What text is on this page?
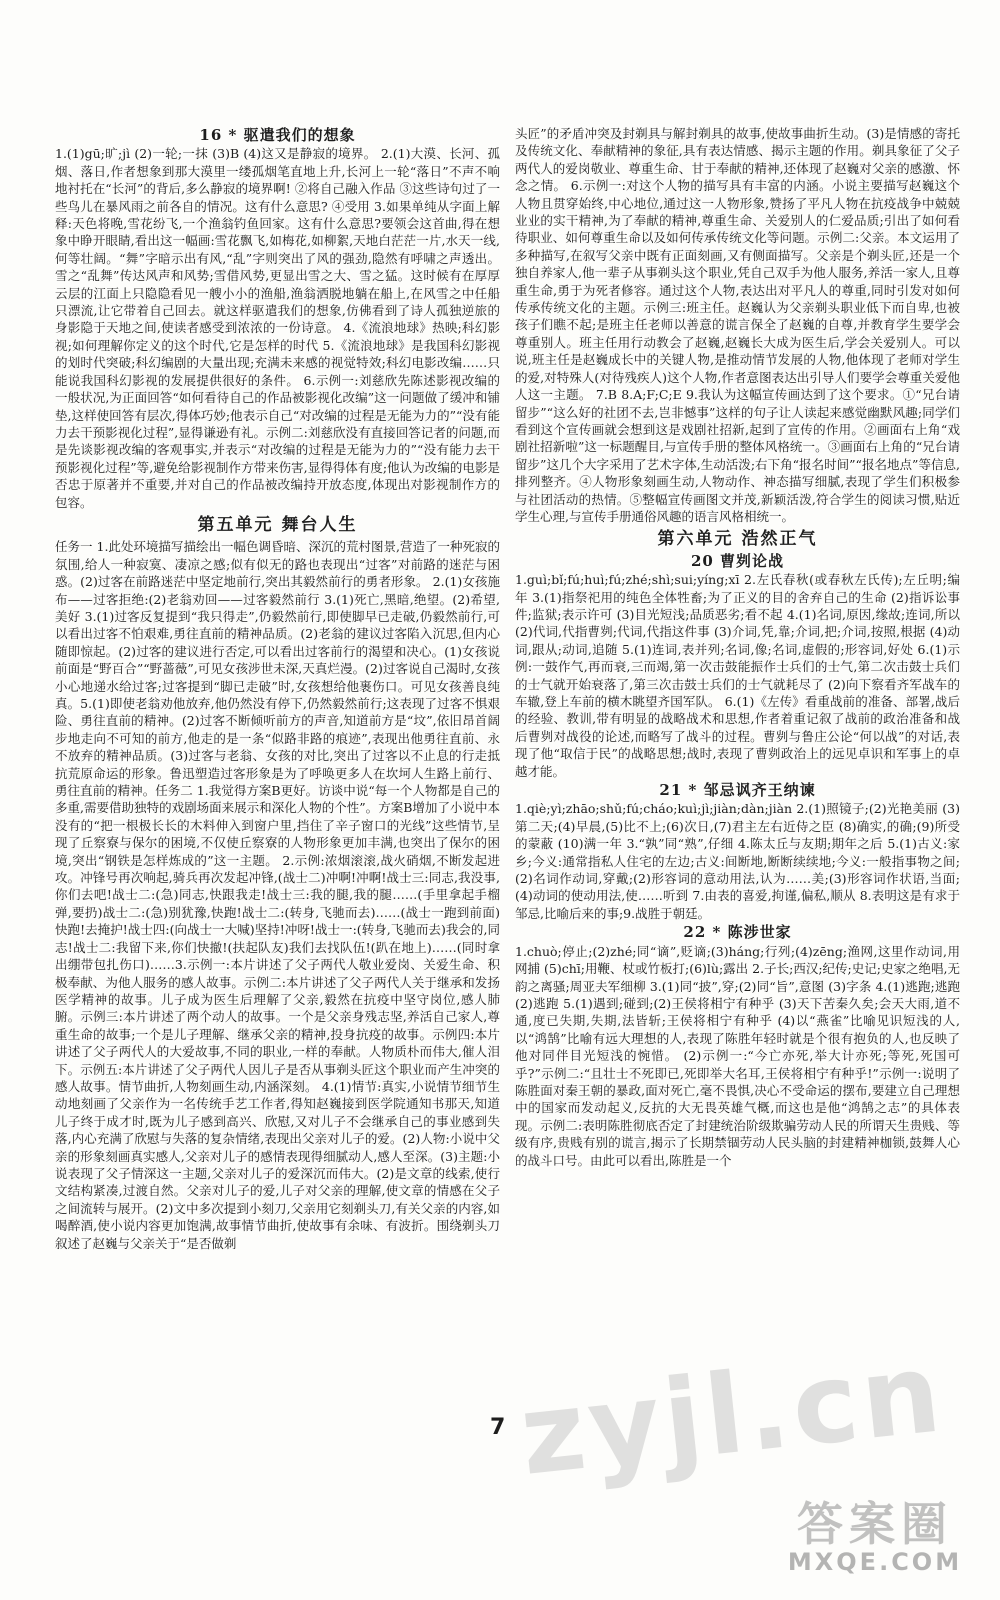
16 * 驱遣我们的想象

1.(1)gū;旷;jì (2)一轮;一抹 (3)B (4)这又是静寂的境界。 2.(1)大漠、长河、孤烟、落日,作者想象到那大漠里一缕孤烟笔直地上升,长河上一轮“落日”不声不响地衬托在“长河”的背后,多么静寂的境界啊! ②将自己融入作品 ③这些诗句过了一些鸟儿在暴风雨之前各自的情况。这有什么意思? ④受用 3.如果单纯从字面上解释:天色将晚,雪花纷飞,一个渔翁钓鱼回家。这有什么意思?要领会这首曲,得在想象中睁开眼睛,看出这一幅画:雪花飘飞,如梅花,如柳絮,天地白茫茫一片,水天一线,何等壮阔。“舞”字暗示出有风,“乱”字则突出了风的强劲,隐然有呼啸之声透出。雪之“乱舞”传达风声和风势;雪借风势,更显出雪之大、雪之猛。这时候有在厚厚云层的江面上只隐隐看见一艘小小的渔船,渔翁洒脱地躺在船上,在风雪之中任船只漂流,让它带着自己回去。就这样驱遣我们的想象,仿佛看到了诗人孤独逆旅的身影隐于天地之间,使读者感受到浓浓的一份诗意。 4.《流浪地球》热映;科幻影视;如何理解你定义的这个时代,它是怎样的时代 5.《流浪地球》是我国科幻影视的划时代突破;科幻编剧的大量出现;充满未来感的视觉特效;科幻电影改编……只能说我国科幻影视的发展提供很好的条件。 6.示例一:刘慈欣先陈述影视改编的一般状况,为正面回答“如何看待自己的作品被影视化改编”这一问题做了缓冲和铺垫,这样使回答有层次,得体巧妙;他表示自己“对改编的过程是无能为力的”“没有能力去干预影视化过程”,显得谦逊有礼。示例二:刘慈欣没有直接回答记者的问题,而是先谈影视改编的客观事实,并表示“对改编的过程是无能为力的”“没有能力去干预影视化过程”等,避免给影视制作方带来伤害,显得得体有度;他认为改编的电影是否忠于原著并不重要,并对自己的作品被改编持开放态度,体现出对影视制作方的包容。

第五单元 舞台人生

任务一 1.此处环境描写描绘出一幅色调昏暗、深沉的荒村图景,营造了一种死寂的氛围,给人一种寂寞、凄凉之感;似有似无的路也表现出“过客”对前路的迷茫与困惑。(2)过客在前路迷茫中坚定地前行,突出其毅然前行的勇者形象。 2.(1)女孩施布——过客拒绝:(2)老翁劝回——过客毅然前行 3.(1)死亡,黑暗,绝望。(2)希望,美好 3.(1)过客反复提到“我只得走”,仍毅然前行,即使脚早已走破,仍毅然前行,可以看出过客不怕艰难,勇往直前的精神品质。(2)老翁的建议过客陷入沉思,但内心随即惊起。(2)过客的建议进行否定,可以看出过客前行的渴望和决心。(1)女孩说前面是“野百合”“野蔷薇”,可见女孩涉世未深,天真烂漫。(2)过客说自己渴时,女孩小心地递水给过客;过客提到“脚已走破”时,女孩想给他裹伤口。可见女孩善良纯真。5.(1)即使老翁劝他放弃,他仍然没有停下,仍然毅然前行;这表现了过客不惧艰险、勇往直前的精神。(2)过客不断倾听前方的声音,知道前方是“坟”,依旧昂首阔步地走向不可知的前方,他走的是一条“似路非路的痕迹”,表现出他勇往直前、永不放弃的精神品质。(3)过客与老翁、女孩的对比,突出了过客以不止息的行走抵抗荒原命运的形象。鲁迅塑造过客形象是为了呼唤更多人在坎坷人生路上前行、勇往直前的精神。任务二 1.我觉得方案B更好。访谈中说“每一个人物都是自己的多重,需要借助独特的戏剧场面来展示和深化人物的个性”。方案B增加了小说中本没有的“把一根极长长的木料伸入到窗户里,挡住了辛子窗口的光线”这些情节,呈现了丘察寮与保尔的困境,不仅使丘察寮的人物形象更加丰满,也突出了保尔的困境,突出“钢铁是怎样炼成的”这一主题。 2.示例:浓烟滚滚,战火硝烟,不断发起进攻。冲锋号再次响起,骑兵再次发起冲锋,(战士二)冲啊!冲啊!战士三:同志,我没事,你们去吧!战士二:(急)同志,快跟我走!战士三:我的腿,我的腿……(手里拿起手榴弹,要扔)战士二:(急)别犹豫,快跑!战士二:(转身,飞驰而去)……(战士一跑到前面)快跑!去掩护!战士四:(向战士一大喊)坚持!冲呀!战士一:(转身,飞驰而去)我会的,同志!战士二:我留下来,你们快撤!(扶起队友)我们去找队伍!(趴在地上)……(同时拿出绷带包扎伤口)……3.示例一:本片讲述了父子两代人敬业爱岗、关爱生命、积极奉献、为他人服务的感人故事。示例二:本片讲述了父子两代人关于继承和发扬医学精神的故事。儿子成为医生后理解了父亲,毅然在抗疫中坚守岗位,感人肺腑。示例三:本片讲述了两个动人的故事。一个是父亲身残志坚,养活自己家人,尊重生命的故事;一个是儿子理解、继承父亲的精神,投身抗疫的故事。示例四:本片讲述了父子两代人的大爱故事,不同的职业,一样的奉献。人物质朴而伟大,催人泪下。示例五:本片讲述了父子两代人因儿子是否从事剃头匠这个职业而产生冲突的感人故事。情节曲折,人物刻画生动,内涵深刻。 4.(1)情节:真实,小说情节细节生动地刻画了父亲作为一名传统手艺工作者,得知赵巍接到医学院通知书那天,知道儿子终于成才时,既为儿子感到高兴、欣慰,又对儿子不会继承自己的事业感到失落,内心充满了欣慰与失落的复杂情绪,表现出父亲对儿子的爱。(2)人物:小说中父亲的形象刻画真实感人,父亲对儿子的感情表现得细腻动人,感人至深。(3)主题:小说表现了父子情深这一主题,父亲对儿子的爱深沉而伟大。(2)是文章的线索,使行文结构紧凑,过渡自然。父亲对儿子的爱,儿子对父亲的理解,使文章的情感在父子之间流转与展开。(2)文中多次提到小刻刀,父亲用它刻剃头刀,有关父亲的内容,如喝醉酒,使小说内容更加饱满,故事情节曲折,使故事有余味、有波折。围绕剃头刀叙述了赵巍与父亲关于“是否做剃

头匠”的矛盾冲突及封剃具与解封剃具的故事,使故事曲折生动。(3)是情感的寄托及传统文化、奉献精神的象征,具有表达情感、揭示主题的作用。剃具象征了父子两代人的爱岗敬业、尊重生命、甘于奉献的精神,还体现了赵巍对父亲的感激、怀念之情。 6.示例一:对这个人物的描写具有丰富的内涵。小说主要描写赵巍这个人物且贯穿始终,中心地位,通过这一人物形象,赞扬了平凡人物在抗疫战争中兢兢业业的实干精神,为了奉献的精神,尊重生命、关爱别人的仁爱品质;引出了如何看待职业、如何尊重生命以及如何传承传统文化等问题。示例二:父亲。本文运用了多种描写,在叙写父亲中既有正面刻画,又有侧面描写。父亲是个剃头匠,还是一个独自养家人,他一辈子从事剃头这个职业,凭自己双手为他人服务,养活一家人,且尊重生命,勇于为死者修容。通过这个人物,表达出对平凡人的尊重,同时引发对如何传承传统文化的主题。示例三:班主任。赵巍认为父亲剃头职业低下而自卑,也被孩子们瞧不起;是班主任老师以善意的谎言保全了赵巍的自尊,并教育学生要学会尊重别人。班主任用行动教会了赵巍,赵巍长大成为医生后,学会关爱别人。可以说,班主任是赵巍成长中的关键人物,是推动情节发展的人物,他体现了老师对学生的爱,对特殊人(对待残疾人)这个人物,作者意图表达出引导人们要学会尊重关爱他人这一主题。 7.B 8.A;F;C;E 9.我认为这幅宣传画达到了这个要求。①“兄台请留步”“这么好的社团不去,岂非憾事”这样的句子让人读起来感觉幽默风趣;同学们看到这个宣传画就会想到这是戏剧社招新,起到了宣传的作用。②画面右上角“戏剧社招新啦”这一标题醒目,与宣传手册的整体风格统一。③画面右上角的“兄台请留步”这几个大字采用了艺术字体,生动活泼;右下角“报名时间”“报名地点”等信息,排列整齐。④人物形象刻画生动,人物动作、神态描写细腻,表现了学生们积极参与社团活动的热情。⑤整幅宣传画图文并茂,新颖活泼,符合学生的阅读习惯,贴近学生心理,与宣传手册通俗风趣的语言风格相统一。

第六单元 浩然正气
20 曹刿论战

1.guì;bǐ;fú;huì;fú;zhé;shì;sui;yíng;xī 2.左氏春秋(或春秋左氏传);左丘明;编年 3.(1)指祭祀用的纯色全体牲畜;为了正义的目的舍弃自己的生命 (2)指诉讼事件;监狱;表示许可 (3)目光短浅;品质恶劣;看不起 4.(1)名词,原因,缘故;连词,所以 (2)代词,代指曹刿;代词,代指这件事 (3)介词,凭,靠;介词,把;介词,按照,根据 (4)动词,跟从;动词,追随 5.(1)连词,表并列;名词,像;名词,虚假的;形容词,好处 6.(1)示例:一鼓作气,再而衰,三而竭,第一次击鼓能振作士兵们的士气,第二次击鼓士兵们的士气就开始衰落了,第三次击鼓士兵们的士气就耗尽了 (2)向下察看齐军战车的车辙,登上车前的横木眺望齐国军队。 6.(1)《左传》看重战前的准备、部署,战后的经验、教训,带有明显的战略战术和思想,作者着重记叙了战前的政治准备和战后曹刿对战役的论述,而略写了战斗的过程。曹刿与鲁庄公论“何以战”的对话,表现了他“取信于民”的战略思想;战时,表现了曹刿政治上的远见卓识和军事上的卓越才能。

21 * 邹忌讽齐王纳谏

1.qiè;yì;zhāo;shǔ;fú;cháo;kuì;jì;jiàn;dàn;jiàn 2.(1)照镜子;(2)光艳美丽 (3)第二天;(4)早晨,(5)比不上;(6)次日,(7)君主左右近侍之臣 (8)确实,的确;(9)所受的蒙蔽 (10)满一年 3.“孰”同“熟”,仔细 4.陈太丘与友期;期年之后 5.(1)古义:家乡;今义:通常指私人住宅的左边;古义:间断地,断断续续地;今义:一般指事物之间;(2)名词作动词,穿戴;(2)形容词的意动用法,认为……美;(3)形容词作状语,当面;(4)动词的使动用法,使……听到 7.由表的喜爱,拘谨,偏私,顺从 8.表明这是有求于邹忌,比喻后来的事;9.战胜于朝廷。

22 * 陈涉世家

1.chuò;停止;(2)zhé;同“谪”,贬谪;(3)háng;行列;(4)zēng;渔网,这里作动词,用网捕 (5)chī;用鞭、杖或竹板打;(6)lù;露出 2.子长;西汉;纪传;史记;史家之绝唱,无韵之离骚;周亚夫军细柳 3.(1)同“披”,穿;(2)同“旨”,意图 (3)字条 4.(1)逃跑;逃跑 (2)逃跑 5.(1)遇到;碰到;(2)王侯将相宁有种乎 (3)天下苦秦久矣;会天大雨,道不通,度已失期,失期,法皆斩;王侯将相宁有种乎 (4)以“燕雀”比喻见识短浅的人,以“鸿鹄”比喻有远大理想的人,表现了陈胜年轻时就是个很有抱负的人,也反映了他对同伴目光短浅的惋惜。 (2)示例一:“今亡亦死,举大计亦死;等死,死国可乎?”示例二:“且壮士不死即已,死即举大名耳,王侯将相宁有种乎!”示例一:说明了陈胜面对秦王朝的暴政,面对死亡,毫不畏惧,决心不受命运的摆布,要建立自己理想中的国家而发动起义,反抗的大无畏英雄气概,而这也是他“鸿鹄之志”的具体表现。示例二:表明陈胜彻底否定了封建统治阶级欺骗劳动人民的所谓天生贵贱、等级有序,贵贱有别的谎言,揭示了长期禁锢劳动人民头脑的封建精神枷锁,鼓舞人心的战斗口号。由此可以看出,陈胜是一个

zyjl.cn
7
答案圈
MXQE.COM
